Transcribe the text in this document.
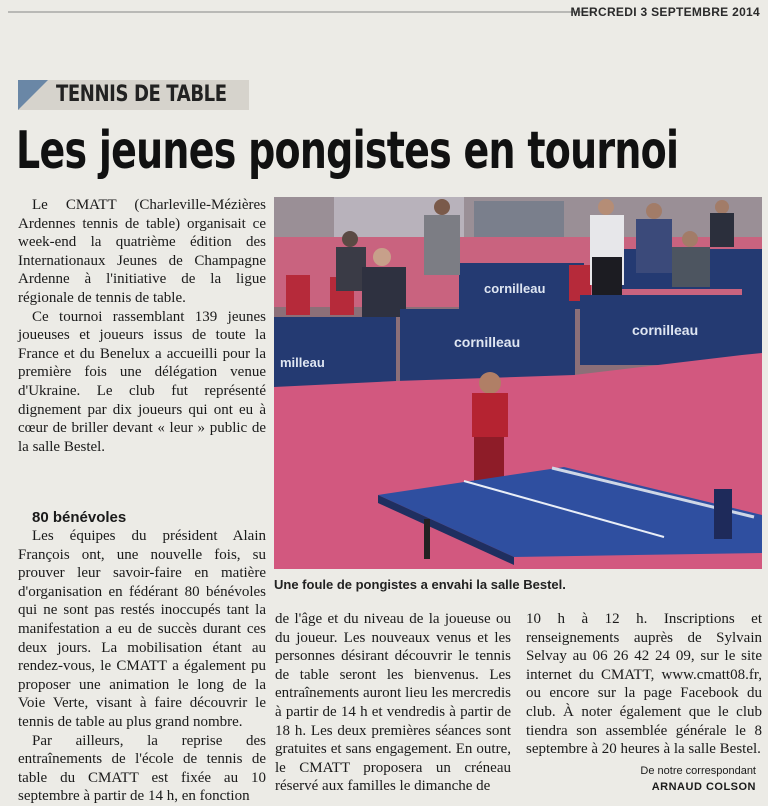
MERCREDI 3 SEPTEMBRE 2014
TENNIS DE TABLE
Les jeunes pongistes en tournoi

Le CMATT (Charleville-Mézières Ardennes tennis de table) organisait ce week-end la quatrième édition des Internationaux Jeunes de Champagne Ardenne à l'initiative de la ligue régionale de tennis de table.

Ce tournoi rassemblant 139 jeunes joueuses et joueurs issus de toute la France et du Benelux a accueilli pour la première fois une délégation venue d'Ukraine. Le club fut représenté dignement par dix joueurs qui ont eu à cœur de briller devant « leur » public de la salle Bestel.

80 bénévoles

Les équipes du président Alain François ont, une nouvelle fois, su prouver leur savoir-faire en matière d'organisation en fédérant 80 bénévoles qui ne sont pas restés inoccupés tant la manifestation a eu de succès durant ces deux jours. La mobilisation étant au rendez-vous, le CMATT a également pu proposer une animation le long de la Voie Verte, visant à faire découvrir le tennis de table au plus grand nombre.

Par ailleurs, la reprise des entraînements de l'école de tennis de table du CMATT est fixée au 10 septembre à partir de 14 h, en fonction

cornilleau
milleau
cornilleau
cornilleau
Une foule de pongistes a envahi la salle Bestel.

de l'âge et du niveau de la joueuse ou du joueur. Les nouveaux venus et les personnes désirant découvrir le tennis de table seront les bienvenus. Les entraînements auront lieu les mercredis à partir de 14 h et vendredis à partir de 18 h. Les deux premières séances sont gratuites et sans engagement. En outre, le CMATT proposera un créneau réservé aux familles le dimanche de

10 h à 12 h. Inscriptions et renseignements auprès de Sylvain Selvay au 06 26 42 24 09, sur le site internet du CMATT, www.cmatt08.fr, ou encore sur la page Facebook du club. À noter également que le club tiendra son assemblée générale le 8 septembre à 20 heures à la salle Bestel.

De notre correspondant
ARNAUD COLSON
